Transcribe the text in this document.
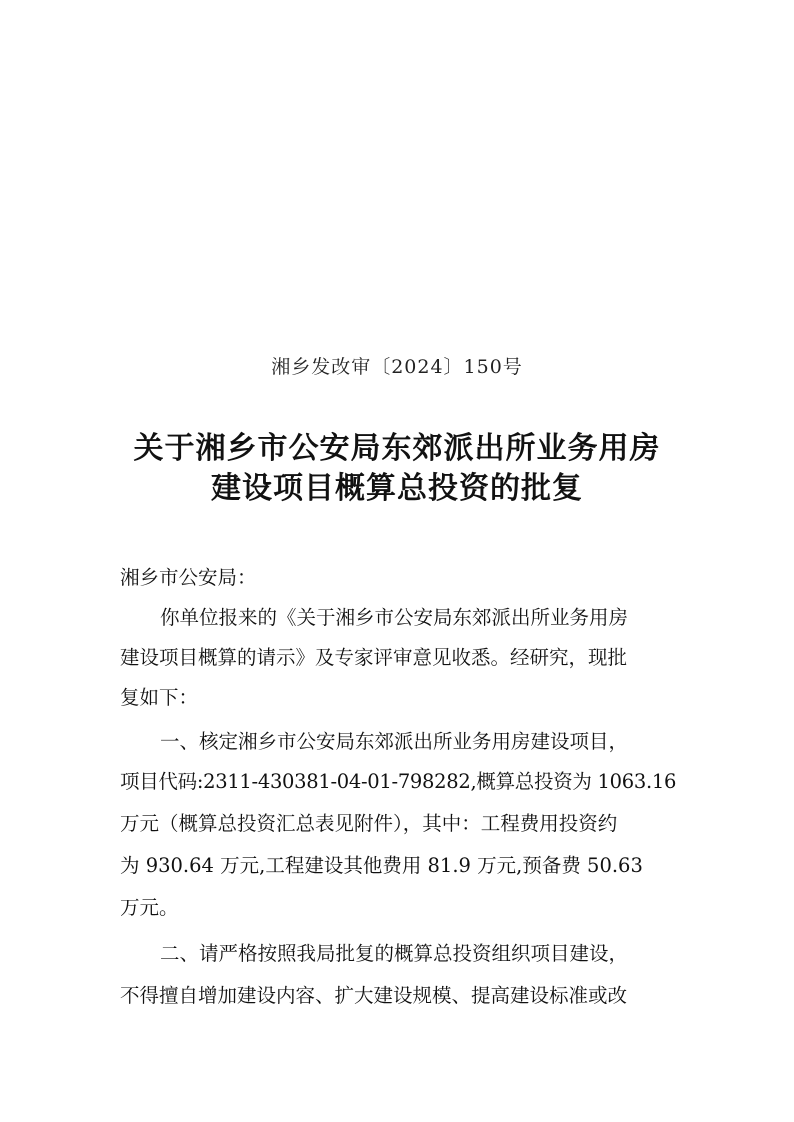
湘乡发改审〔2024〕150号
关于湘乡市公安局东郊派出所业务用房
建设项目概算总投资的批复
湘乡市公安局：
你单位报来的《关于湘乡市公安局东郊派出所业务用房
建设项目概算的请示》及专家评审意见收悉。经研究，现批
复如下：
一、核定湘乡市公安局东郊派出所业务用房建设项目，
项目代码:2311-430381-04-01-798282,概算总投资为 1063.16
万元（概算总投资汇总表见附件），其中：工程费用投资约
为 930.64 万元,工程建设其他费用 81.9 万元,预备费 50.63
万元。
二、请严格按照我局批复的概算总投资组织项目建设，
不得擅自增加建设内容、扩大建设规模、提高建设标准或改
